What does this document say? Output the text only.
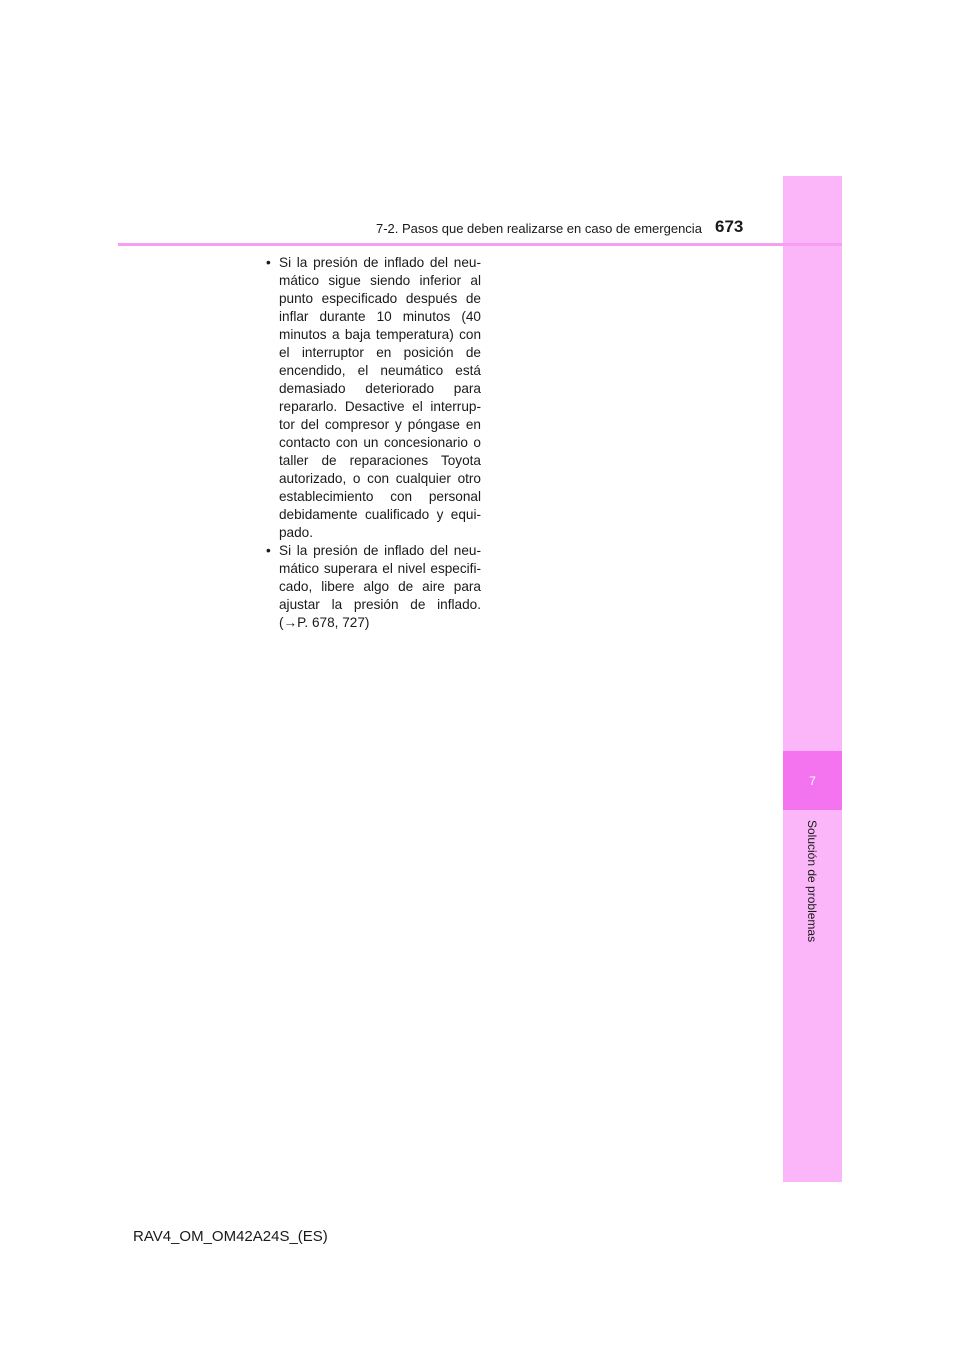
7
Solución de problemas
7-2. Pasos que deben realizarse en caso de emergencia 673
• Si la presión de inflado del neu-mático sigue siendo inferior al punto especificado después de inflar durante 10 minutos (40 minutos a baja temperatura) con el interruptor en posición de encendido, el neumático está demasiado deteriorado para repararlo. Desactive el interrup-tor del compresor y póngase en contacto con un concesionario o taller de reparaciones Toyota autorizado, o con cualquier otro establecimiento con personal debidamente cualificado y equi-pado.
• Si la presión de inflado del neu-mático superara el nivel especifi-cado, libere algo de aire para ajustar la presión de inflado. (→P. 678, 727)
RAV4_OM_OM42A24S_(ES)
